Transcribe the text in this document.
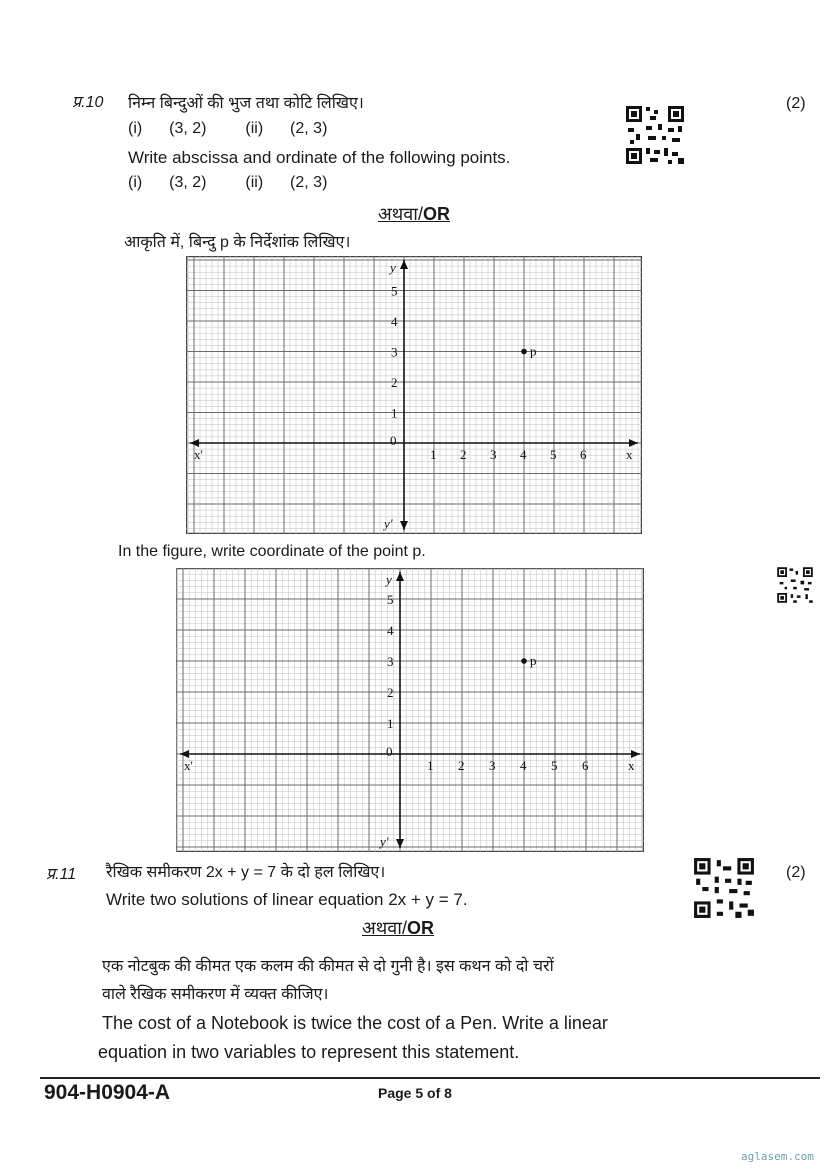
प्र.10 निम्न बिन्दुओं की भुज तथा कोटि लिखिए।	(2)
(i) (3, 2) (ii) (2, 3)
Write abscissa and ordinate of the following points.
(i) (3, 2) (ii) (2, 3)
अथवा/OR
आकृति में, बिन्दु p के निर्देशांक लिखिए।
1 2 3 4 5 6
1
2
3
4
5
0
x
x'
y
y'
p
In the figure, write coordinate of the point p.
1 2 3 4 5 6
1
2
3
4
5
0
x
x'
y
y'
p
प्र.11 रैखिक समीकरण 2x + y = 7 के दो हल लिखिए।	(2)
Write two solutions of linear equation 2x + y = 7.
अथवा/OR
एक नोटबुक की कीमत एक कलम की कीमत से दो गुनी है। इस कथन को दो चरों
वाले रैखिक समीकरण में व्यक्त कीजिए।
The cost of a Notebook is twice the cost of a Pen. Write a linear
equation in two variables to represent this statement.
904-H0904-A	Page 5 of 8
aglasem.com
